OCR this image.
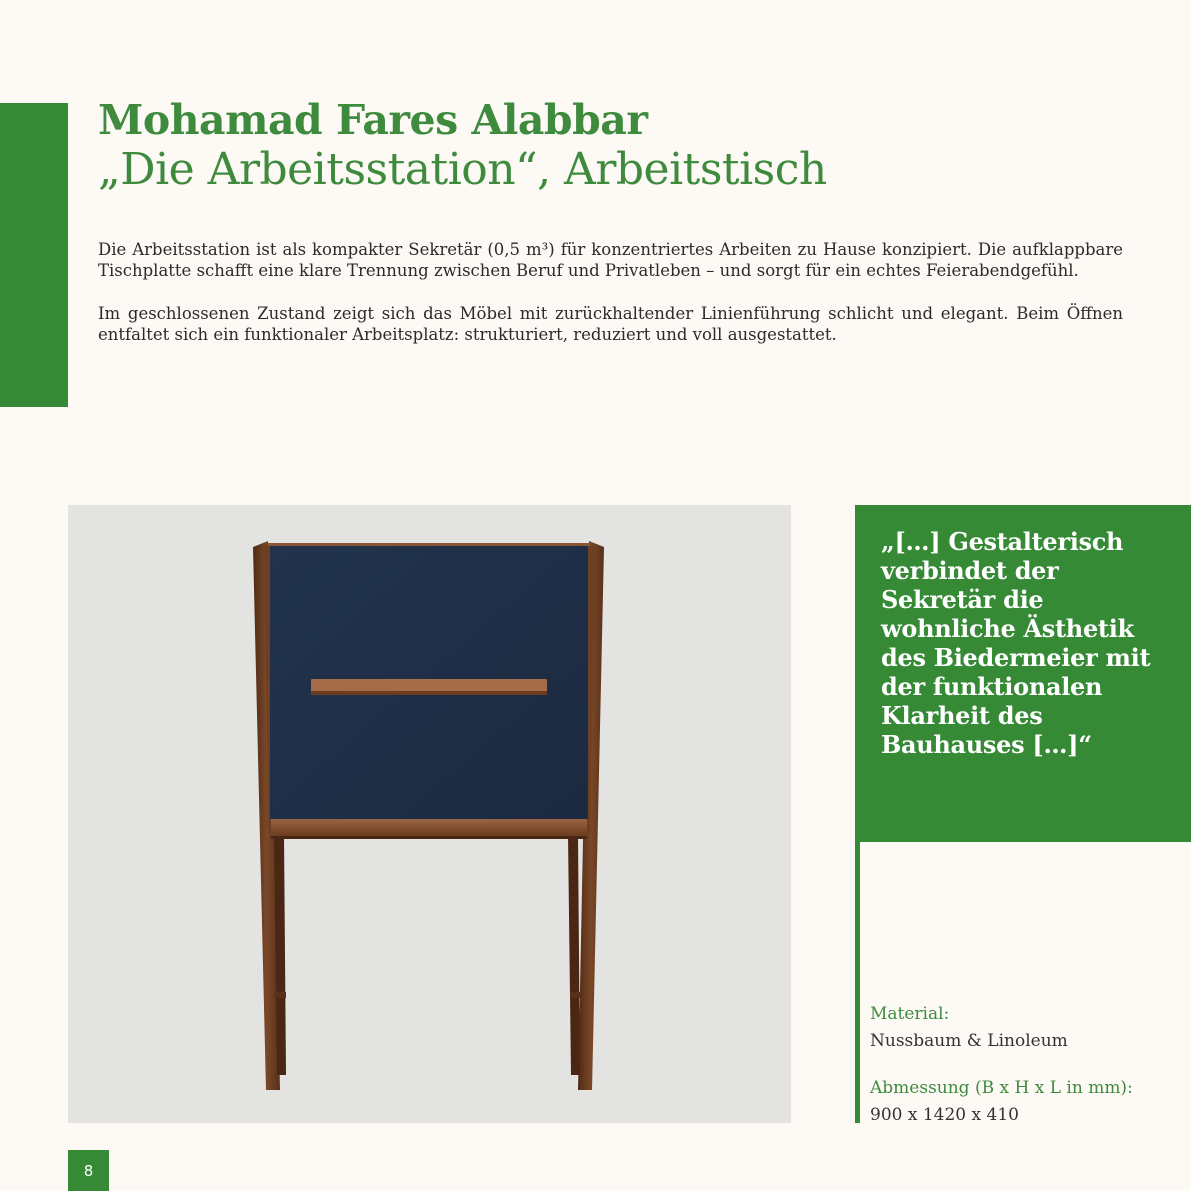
Mohamad Fares Alabbar
„Die Arbeitsstation“, Arbeitstisch

Die Arbeitsstation ist als kompakter Sekretär (0,5 m³) für konzentriertes Arbeiten zu Hause konzipiert. Die aufklappbare Tischplatte schafft eine klare Trennung zwischen Beruf und Privatleben – und sorgt für ein echtes Feierabendgefühl.

Im geschlossenen Zustand zeigt sich das Möbel mit zurückhaltender Linienführung schlicht und elegant. Beim Öffnen entfaltet sich ein funktionaler Arbeitsplatz: strukturiert, reduziert und voll ausgestattet.

„[…] Gestalterisch verbindet der Sekretär die wohnliche Ästhetik des Biedermeier mit der funktionalen Klarheit des Bauhauses […]“

Material:
Nussbaum & Linoleum
Abmessung (B x H x L in mm):
900 x 1420 x 410
8
